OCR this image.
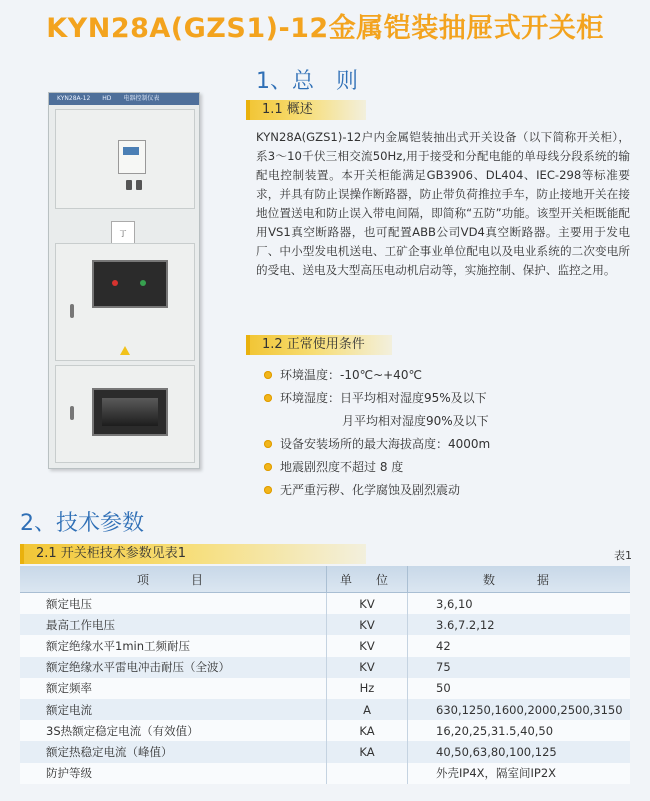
KYN28A(GZS1)-12金属铠装抽屉式开关柜
KYN28A-12　　HD　　电器控制仪表
丁
1、总　则
1.1 概述

KYN28A(GZS1)-12户内金属铠装抽出式开关设备（以下简称开关柜），系3～10千伏三相交流50Hz,用于接受和分配电能的单母线分段系统的输配电控制装置。本开关柜能满足GB3906、DL404、IEC-298等标准要求，并具有防止误操作断路器，防止带负荷推拉手车，防止接地开关在接地位置送电和防止误入带电间隔，即简称“五防”功能。该型开关柜既能配用VS1真空断路器，也可配置ABB公司VD4真空断路器。主要用于发电厂、中小型发电机送电、工矿企事业单位配电以及电业系统的二次变电所的受电、送电及大型高压电动机启动等，实施控制、保护、监控之用。

1.2 正常使用条件
环境温度：-10℃~+40℃
环境湿度：日平均相对湿度95%及以下
月平均相对湿度90%及以下
设备安装场所的最大海拔高度：4000m
地震剧烈度不超过 8 度
无严重污秽、化学腐蚀及剧烈震动
2、技术参数
2.1 开关柜技术参数见表1	表1
项　　目	单　位	数　　据
额定电压	KV	3,6,10
最高工作电压	KV	3.6,7.2,12
额定绝缘水平1min工频耐压	KV	42
额定绝缘水平雷电冲击耐压（全波）	KV	75
额定频率	Hz	50
额定电流	A	630,1250,1600,2000,2500,3150
3S热额定稳定电流（有效值）	KA	16,20,25,31.5,40,50
额定热稳定电流（峰值）	KA	40,50,63,80,100,125
防护等级		外壳IP4X，隔室间IP2X
